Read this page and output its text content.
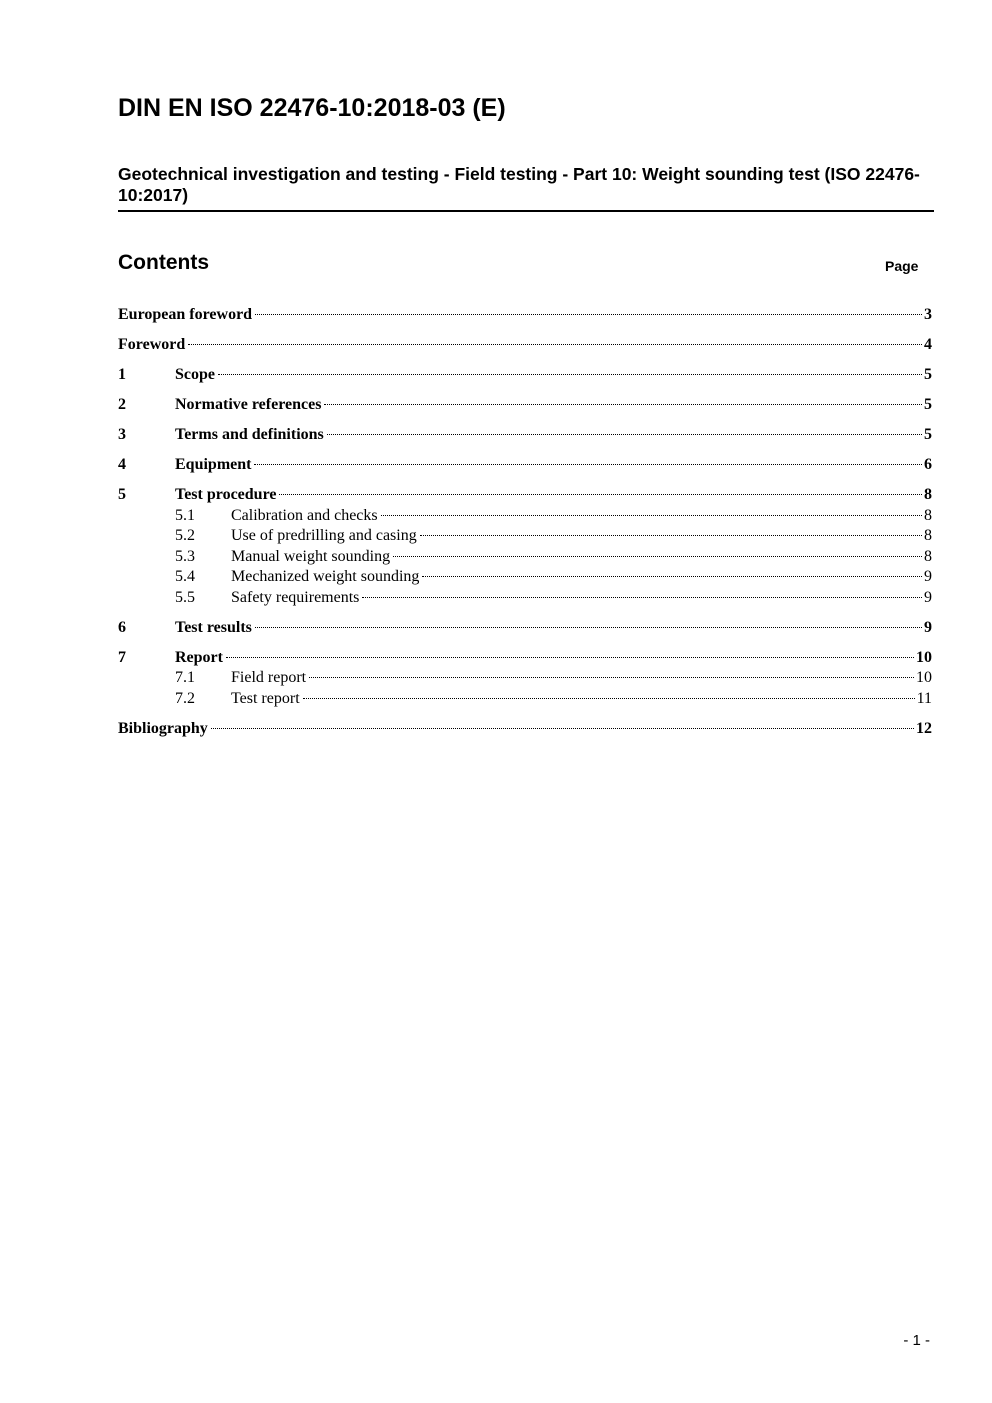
DIN EN ISO 22476-10:2018-03 (E)
Geotechnical investigation and testing - Field testing - Part 10: Weight sounding test (ISO 22476-10:2017)
Contents	Page
European foreword	3
Foreword	4
1	Scope	5
2	Normative references	5
3	Terms and definitions	5
4	Equipment	6
5	Test procedure	8
5.1	Calibration and checks	8
5.2	Use of predrilling and casing	8
5.3	Manual weight sounding	8
5.4	Mechanized weight sounding	9
5.5	Safety requirements	9
6	Test results	9
7	Report	10
7.1	Field report	10
7.2	Test report	11
Bibliography	12
- 1 -
